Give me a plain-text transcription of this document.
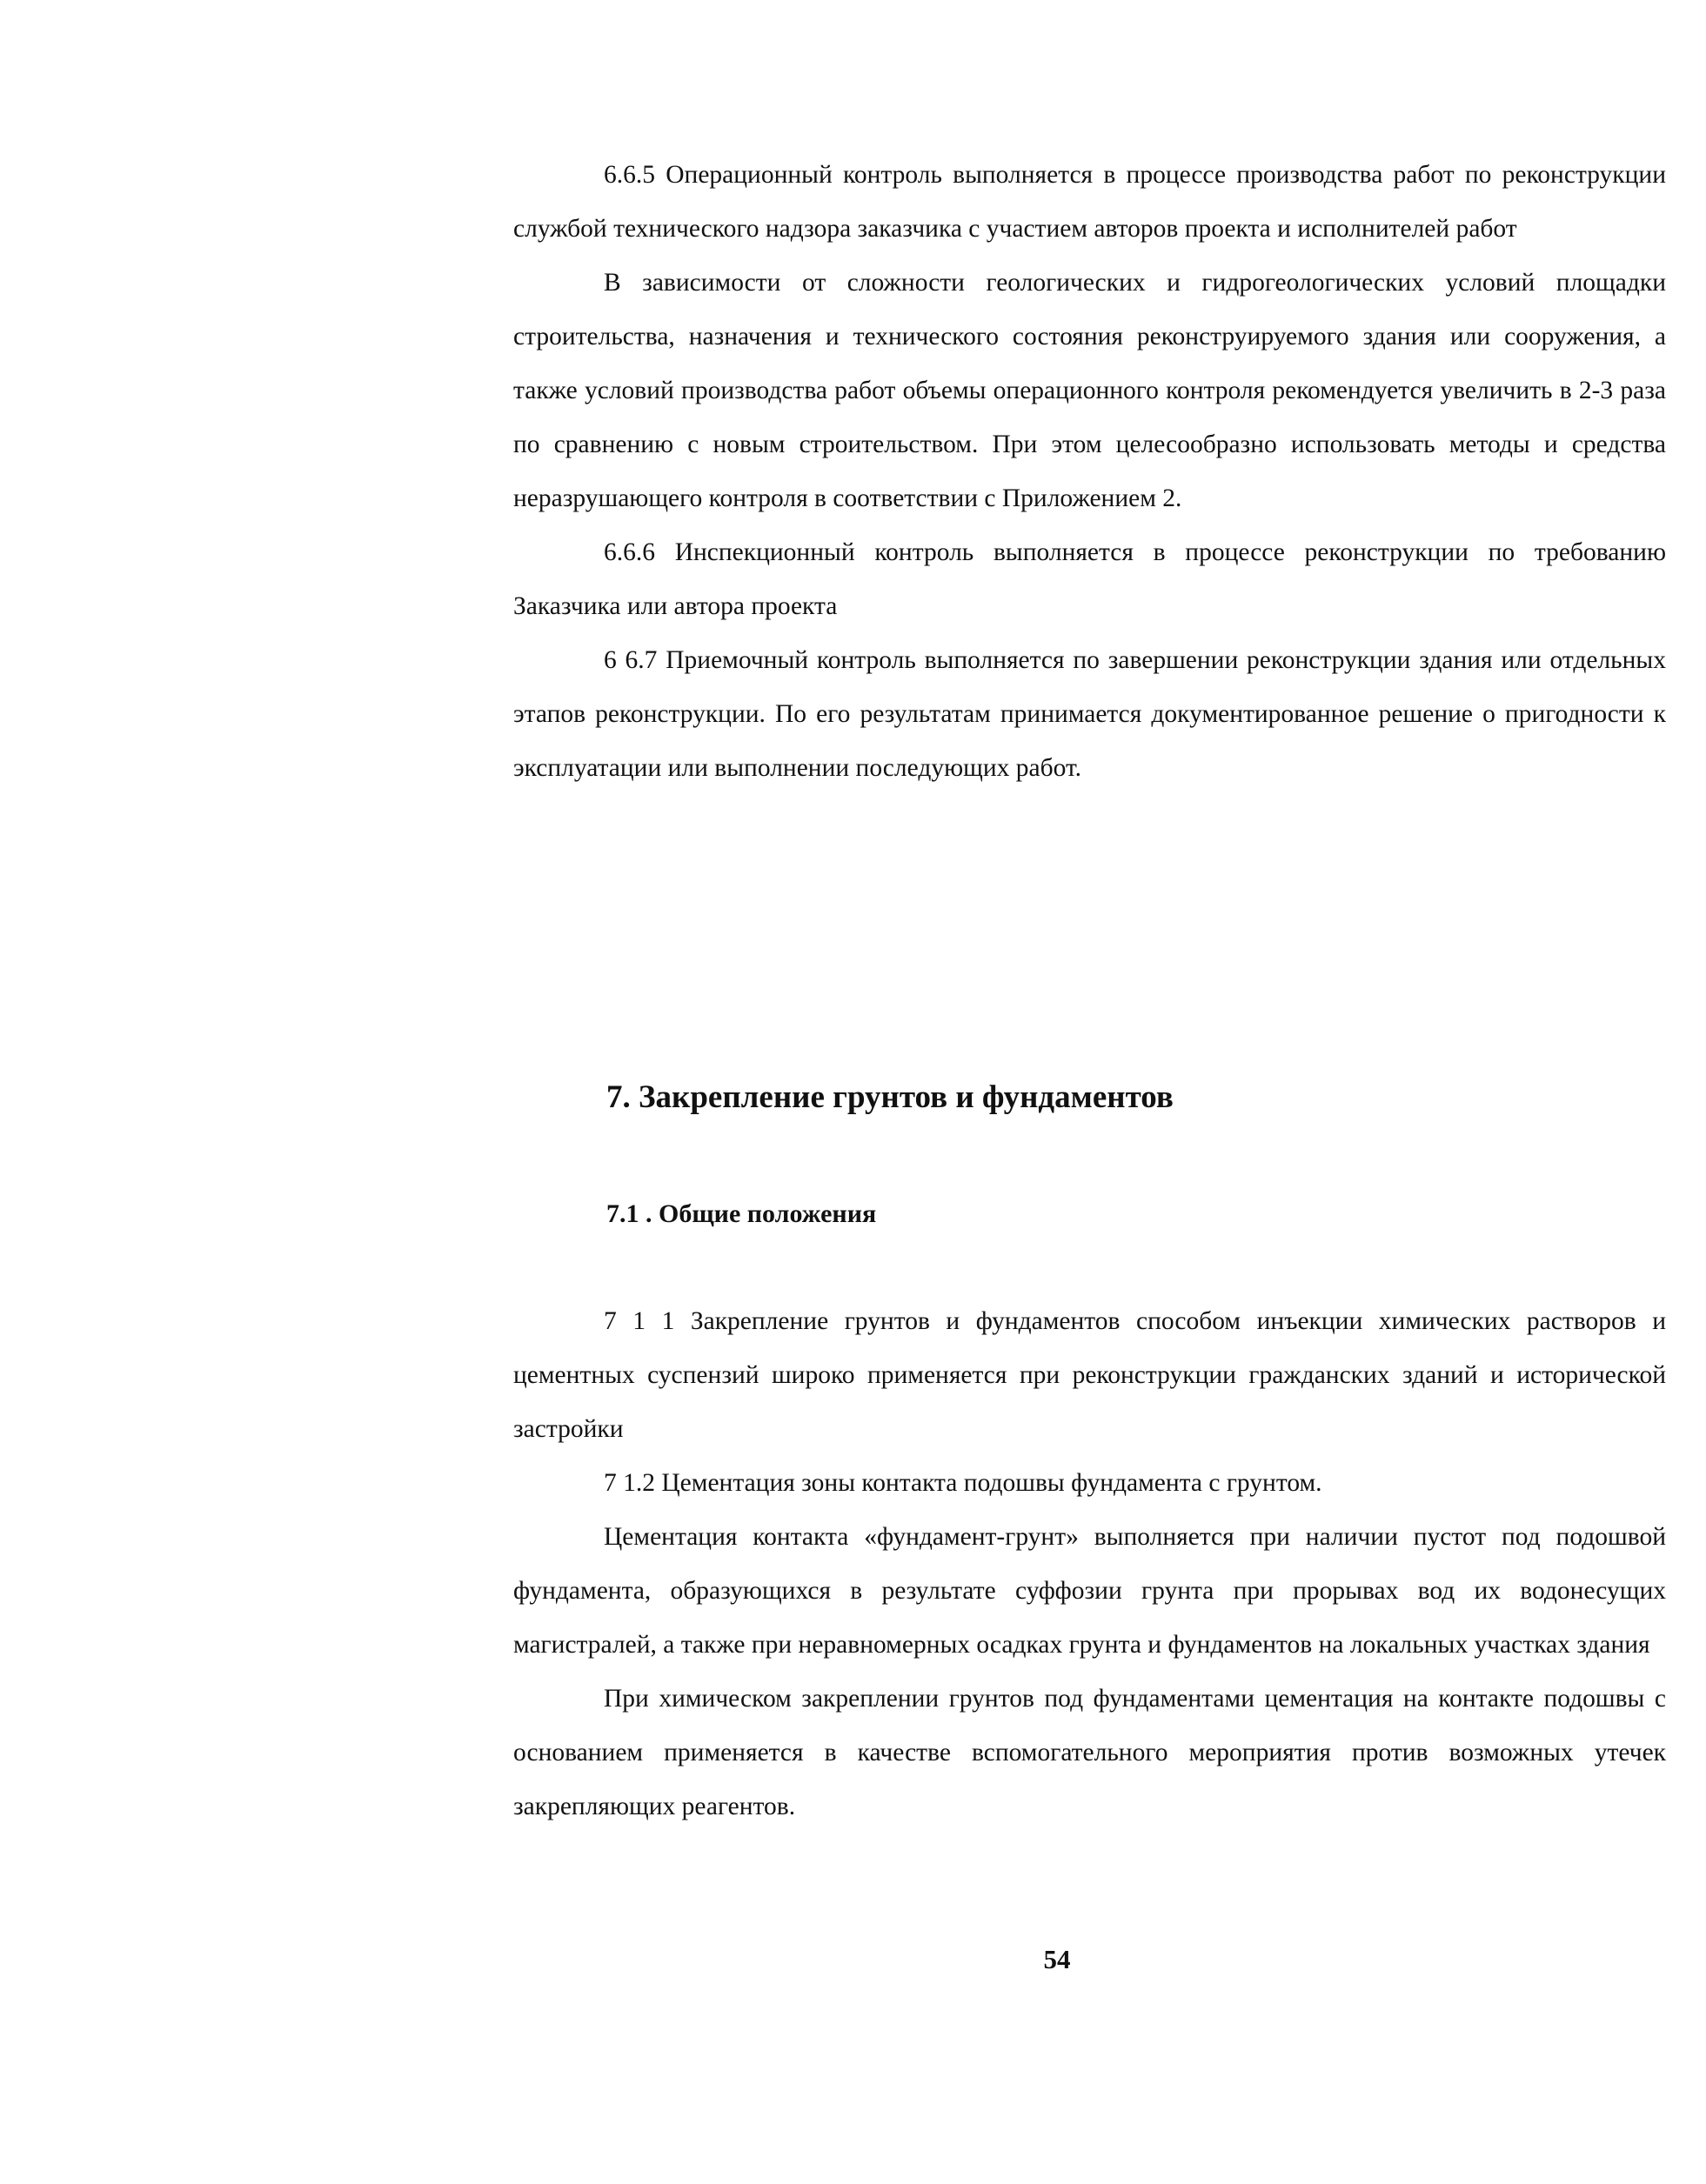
6.6.5 Операционный контроль выполняется в процессе производства работ по реконструкции службой технического надзора заказчика с участием авторов проекта и исполнителей работ

В зависимости от сложности геологических и гидрогеологических условий площадки строительства, назначения и технического состояния реконструируемого здания или сооружения, а также условий производства работ объемы операционного контроля рекомендуется увеличить в 2-3 раза по сравнению с новым строительством. При этом целесообразно использовать методы и средства неразрушающего контроля в соответствии с Приложением 2.

6.6.6 Инспекционный контроль выполняется в процессе реконструкции по требованию Заказчика или автора проекта

6 6.7 Приемочный контроль выполняется по завершении реконструкции здания или отдельных этапов реконструкции. По его результатам принимается документированное решение о пригодности к эксплуатации или выполнении последующих работ.

7. Закрепление грунтов и фундаментов
7.1 . Общие положения

7 1 1 Закрепление грунтов и фундаментов способом инъекции химических растворов и цементных суспензий широко применяется при реконструкции гражданских зданий и исторической застройки

7 1.2 Цементация зоны контакта подошвы фундамента с грунтом.

Цементация контакта «фундамент-грунт» выполняется при наличии пустот под подошвой фундамента, образующихся в результате суффозии грунта при прорывах вод их водонесущих магистралей, а также при неравномерных осадках грунта и фундаментов на локальных участках здания

При химическом закреплении грунтов под фундаментами цементация на контакте подошвы с основанием применяется в качестве вспомогательного мероприятия против возможных утечек закрепляющих реагентов.

54
